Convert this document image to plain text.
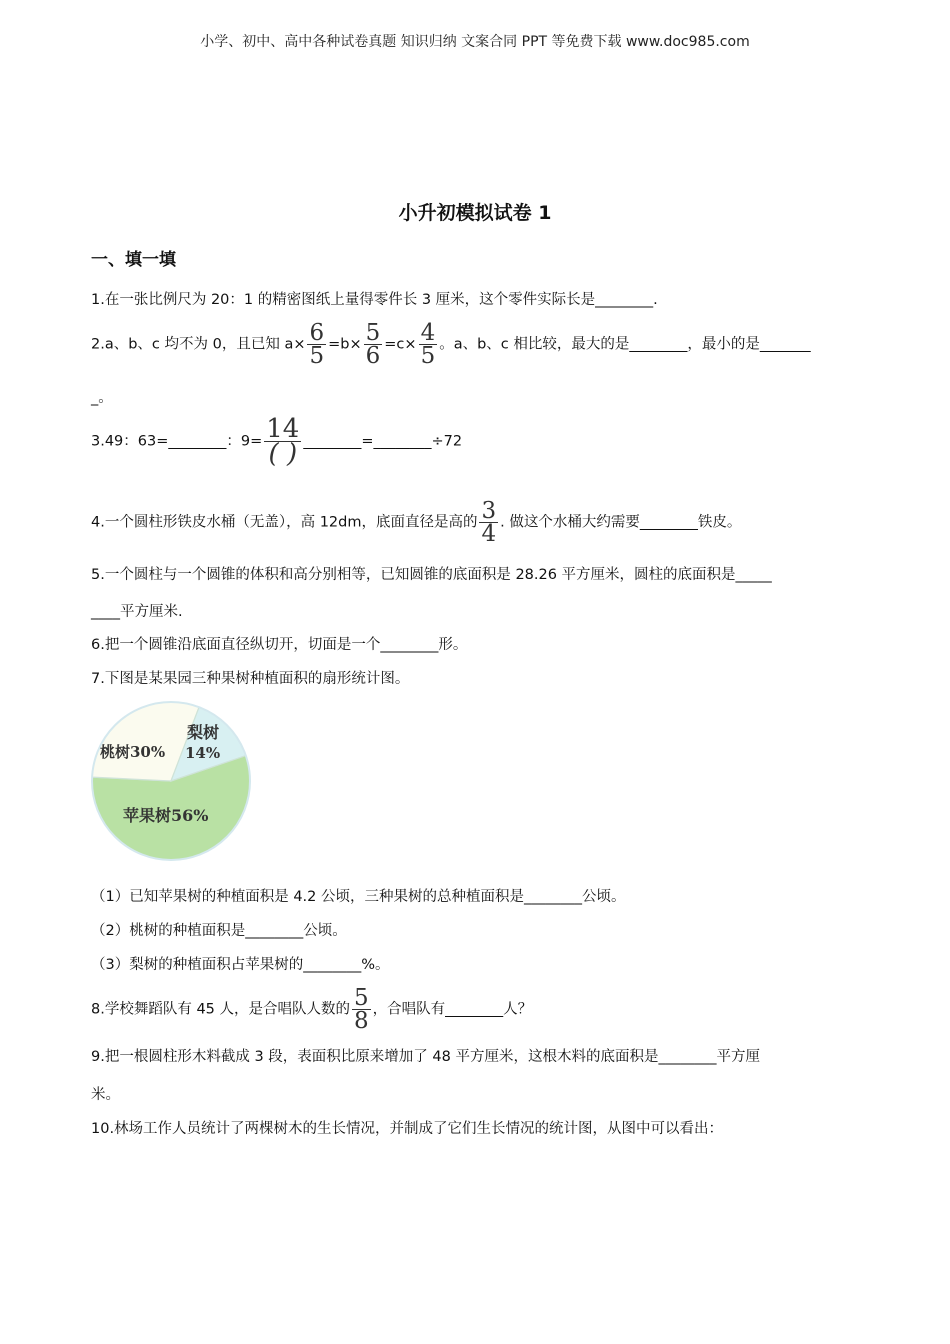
小学、初中、高中各种试卷真题 知识归纳 文案合同 PPT 等免费下载 www.doc985.com
小升初模拟试卷 1
一、填一填
1.在一张比例尺为 20：1 的精密图纸上量得零件长 3 厘米，这个零件实际长是________.
2.a、b、c 均不为 0，且已知 $a\times \frac{6}{5} =b\times \frac{5}{6} =c\times \frac{4}{5}$ 。a、b、c 相比较，最大的是________，最小的是_______
_。
3.49：63=________：$9= \frac{14}{( )}$ ________=________÷72
4.一个圆柱形铁皮水桶（无盖），高 12dm，底面直径是高的 $\frac{3}{4}$ . 做这个水桶大约需要________铁皮。
5.一个圆柱与一个圆锥的体积和高分别相等，已知圆锥的底面积是 28.26 平方厘米，圆柱的底面积是_____
____平方厘米.
6.把一个圆锥沿底面直径纵切开，切面是一个________形。
7.下图是某果园三种果树种植面积的扇形统计图。
桃树30%
梨树
14%
苹果树56%
（1）已知苹果树的种植面积是 4.2 公顷，三种果树的总种植面积是________公顷。
（2）桃树的种植面积是________公顷。
（3）梨树的种植面积占苹果树的________%。
8.学校舞蹈队有 45 人，是合唱队人数的 $\frac{5}{8}$ ，合唱队有________人？
9.把一根圆柱形木料截成 3 段，表面积比原来增加了 48 平方厘米，这根木料的底面积是________平方厘
米。
10.林场工作人员统计了两棵树木的生长情况，并制成了它们生长情况的统计图，从图中可以看出：
